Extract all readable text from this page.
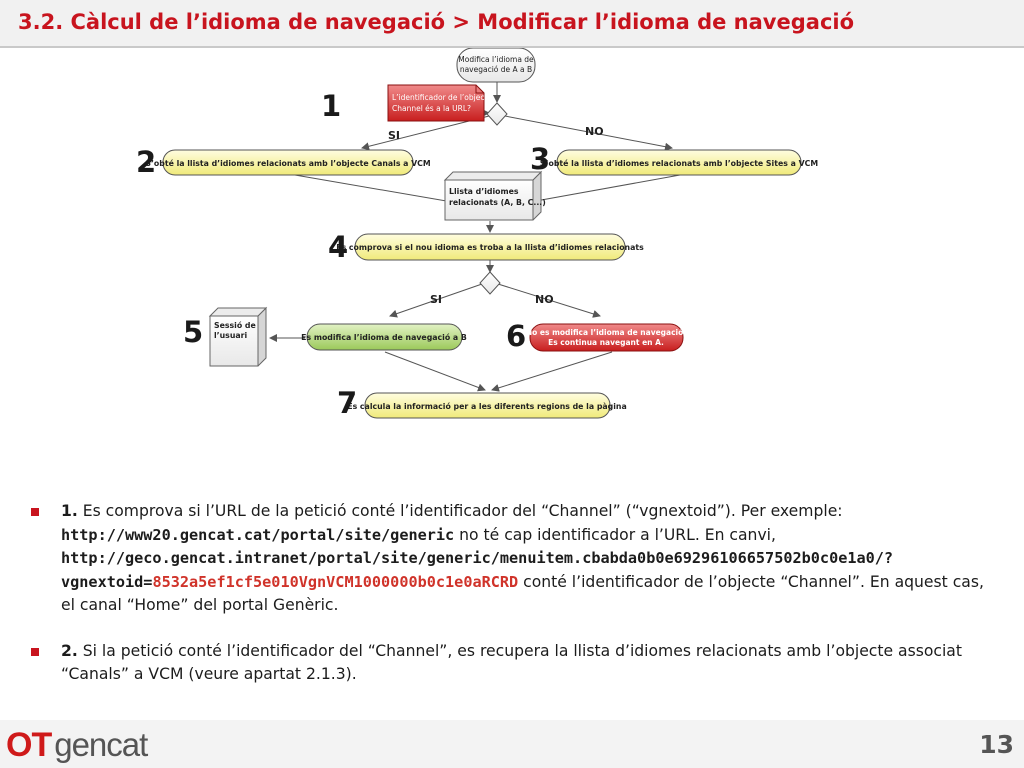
3.2. Càlcul de l’idioma de navegació > Modificar l’idioma de navegació
Modifica l’idioma de
navegació de A a B
L’identificador de l’objecte
Channel és a la URL?
SI	NO
S’obté la llista d’idiomes relacionats amb l’objecte Canals a VCM	S’obté la llista d’idiomes relacionats amb l’objecte Sites a VCM
Llista d’idiomes
relacionats (A, B, C...)
Es comprova si el nou idioma es troba a la llista d’idiomes relacionats
SI	NO
Sessió de
l’usuari	Es modifica l’idioma de navegació a B
No es modifica l’idioma de navegació.
Es continua navegant en A.
Es calcula la informació per a les diferents regions de la pàgina
1
2	3
4
5	6
7
1. Es comprova si l’URL de la petició conté l’identificador del “Channel” (“vgnextoid”). Per exemple: http://www20.gencat.cat/portal/site/generic no té cap identificador a l’URL. En canvi, http://geco.gencat.intranet/portal/site/generic/menuitem.cbabda0b0e69296106657502b0c0e1a0/?vgnextoid=8532a5ef1cf5e010VgnVCM1000000b0c1e0aRCRD conté l’identificador de l’objecte “Channel”. En aquest cas, el canal “Home” del portal Genèric.
2. Si la petició conté l’identificador del “Channel”, es recupera la llista d’idiomes relacionats amb l’objecte associat “Canals” a VCM (veure apartat 2.1.3).
OTgencat	13
